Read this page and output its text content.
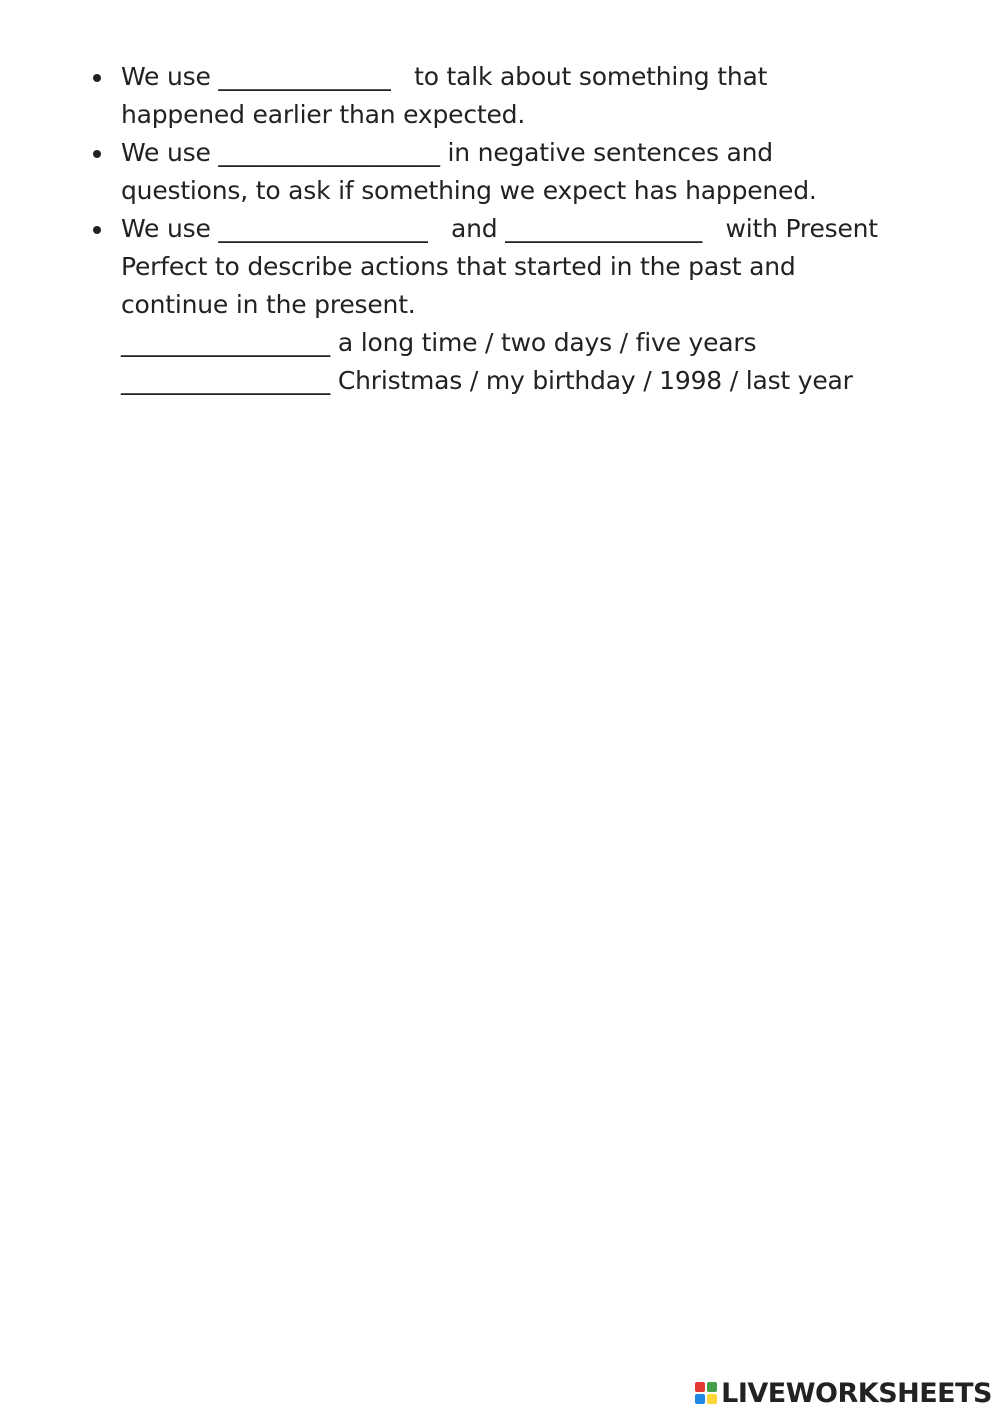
We use ______________ to talk about something that
happened earlier than expected.
We use __________________ in negative sentences and
questions, to ask if something we expect has happened.
We use _________________ and ________________ with Present
Perfect to describe actions that started in the past and
continue in the present.
_________________ a long time / two days / five years
_________________ Christmas / my birthday / 1998 / last year
LIVEWORKSHEETS
